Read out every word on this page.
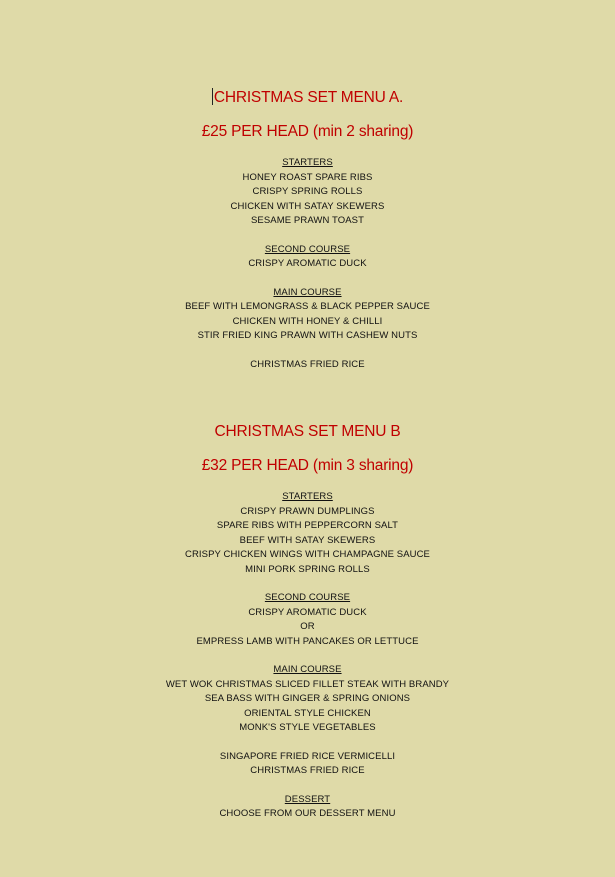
CHRISTMAS SET MENU A.
£25 PER HEAD (min 2 sharing)
STARTERS
HONEY ROAST SPARE RIBS
CRISPY SPRING ROLLS
CHICKEN WITH SATAY SKEWERS
SESAME PRAWN TOAST
SECOND COURSE
CRISPY AROMATIC DUCK
MAIN COURSE
BEEF WITH LEMONGRASS & BLACK PEPPER SAUCE
CHICKEN WITH HONEY & CHILLI
STIR FRIED KING PRAWN WITH CASHEW NUTS
CHRISTMAS FRIED RICE
CHRISTMAS SET MENU B
£32 PER HEAD (min 3 sharing)
STARTERS
CRISPY PRAWN DUMPLINGS
SPARE RIBS WITH PEPPERCORN SALT
BEEF WITH SATAY SKEWERS
CRISPY CHICKEN WINGS WITH CHAMPAGNE SAUCE
MINI PORK SPRING ROLLS
SECOND COURSE
CRISPY AROMATIC DUCK
OR
EMPRESS LAMB WITH PANCAKES OR LETTUCE
MAIN COURSE
WET WOK CHRISTMAS SLICED FILLET STEAK WITH BRANDY
SEA BASS WITH GINGER & SPRING ONIONS
ORIENTAL STYLE CHICKEN
MONK'S STYLE VEGETABLES
SINGAPORE FRIED RICE VERMICELLI
CHRISTMAS FRIED RICE
DESSERT
CHOOSE FROM OUR DESSERT MENU
